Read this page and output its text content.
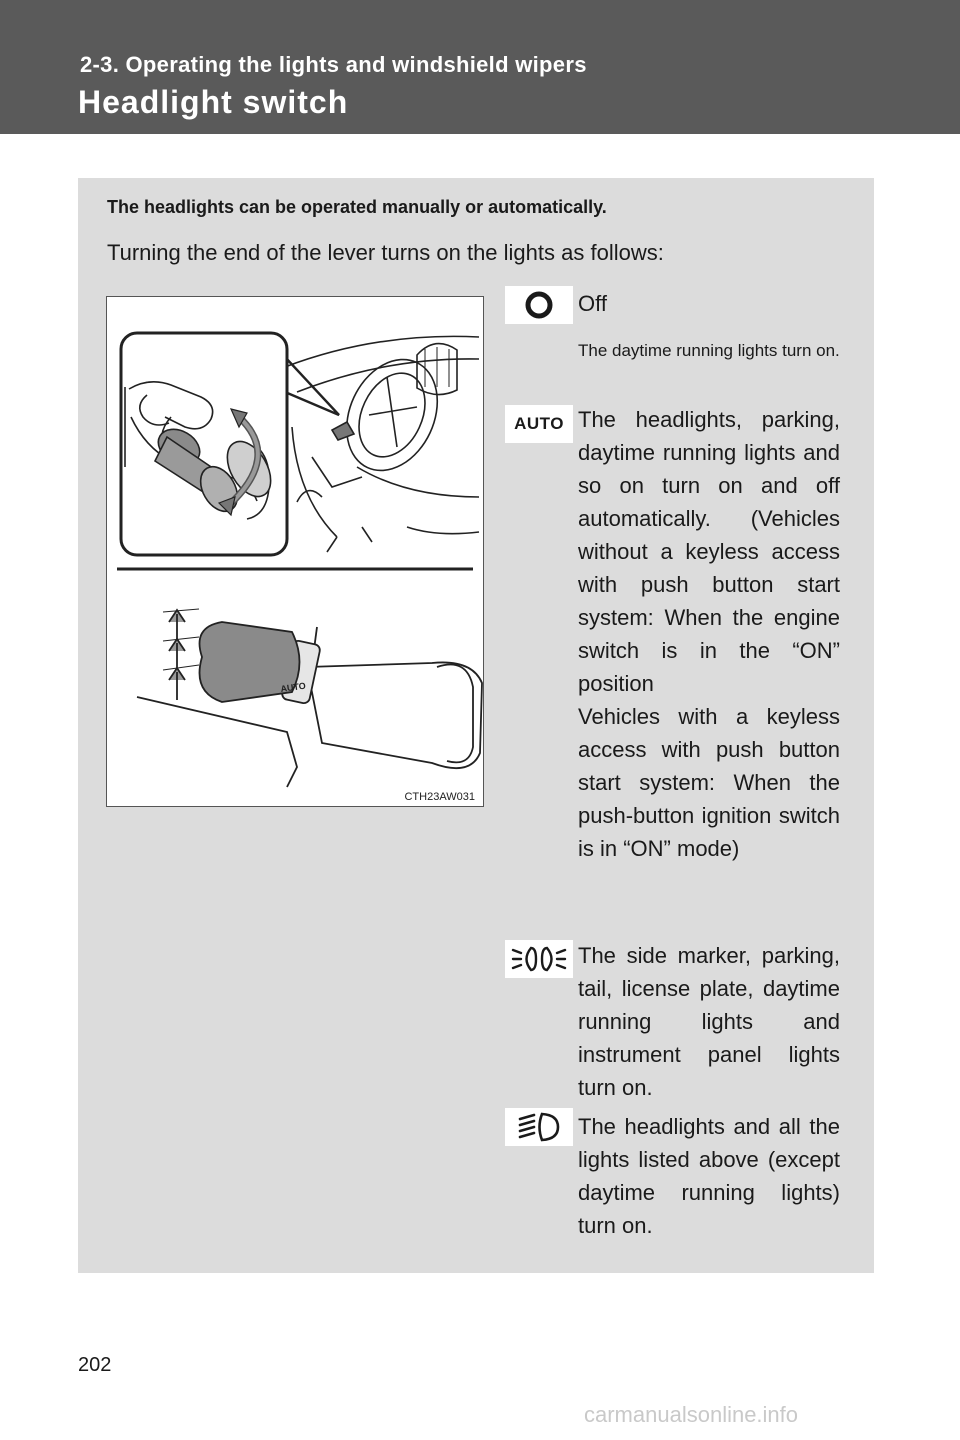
2-3. Operating the lights and windshield wipers
Headlight switch
The headlights can be operated manually or automatically.
Turning the end of the lever turns on the lights as follows:
AUTO
CTH23AW031
Off
The daytime running lights turn on.
AUTO The headlights, parking, daytime running lights and so on turn on and off automatically. (Vehicles without a keyless access with push button start system: When the engine switch is in the “ON” position
Vehicles with a keyless access with push button start system: When the push-button ignition switch is in “ON” mode)
The side marker, parking, tail, license plate, daytime running lights and instrument panel lights turn on.
The headlights and all the lights listed above (except daytime running lights) turn on.
202
carmanualsonline.info
